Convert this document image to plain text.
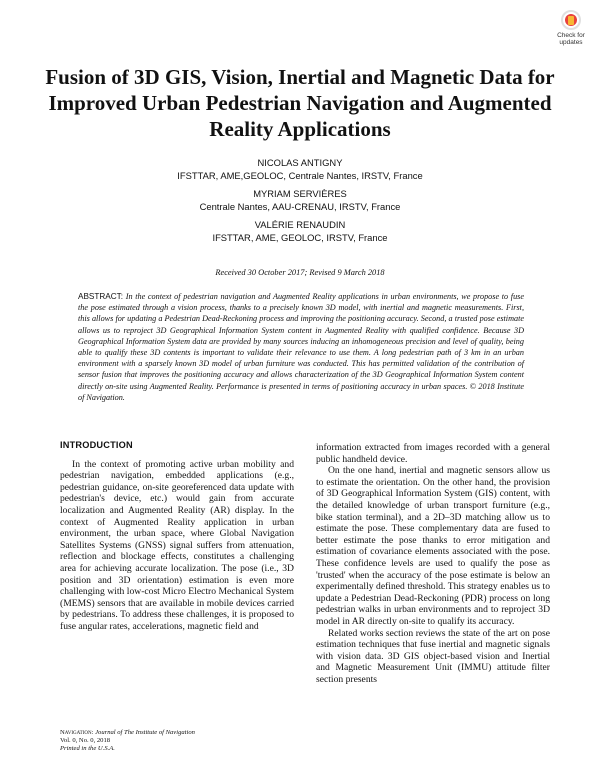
Check for updates
Fusion of 3D GIS, Vision, Inertial and Magnetic Data for Improved Urban Pedestrian Navigation and Augmented Reality Applications
NICOLAS ANTIGNY
IFSTTAR, AME,GEOLOC, Centrale Nantes, IRSTV, France
MYRIAM SERVIÈRES
Centrale Nantes, AAU-CRENAU, IRSTV, France
VALÉRIE RENAUDIN
IFSTTAR, AME, GEOLOC, IRSTV, France
Received 30 October 2017; Revised 9 March 2018
ABSTRACT: In the context of pedestrian navigation and Augmented Reality applications in urban environments, we propose to fuse the pose estimated through a vision process, thanks to a precisely known 3D model, with inertial and magnetic measurements. First, this allows for updating a Pedestrian Dead-Reckoning process and improving the positioning accuracy. Second, a trusted pose estimate allows us to reproject 3D Geographical Information System content in Augmented Reality with qualified confidence. Because 3D Geographical Information System data are provided by many sources inducing an inhomogeneous precision and level of quality, being able to qualify these 3D contents is important to validate their relevance to use them. A long pedestrian path of 3 km in an urban environment with a sparsely known 3D model of urban furniture was conducted. This has permitted validation of the contribution of sensor fusion that improves the positioning accuracy and allows characterization of the 3D Geographical Information System content directly on-site using Augmented Reality. Performance is presented in terms of positioning accuracy in urban spaces. © 2018 Institute of Navigation.
INTRODUCTION

In the context of promoting active urban mobility and pedestrian navigation, embedded applications (e.g., pedestrian guidance, on-site georeferenced data update with pedestrian's device, etc.) would gain from accurate localization and Augmented Reality (AR) display. In the context of Augmented Reality application in urban environment, the urban space, where Global Navigation Satellites Systems (GNSS) signal suffers from attenuation, reflection and blockage effects, constitutes a challenging area for achieving accurate localization. The pose (i.e., 3D position and 3D orientation) estimation is even more challenging with low-cost Micro Electro Mechanical System (MEMS) sensors that are available in mobile devices carried by pedestrians. To address these challenges, it is proposed to fuse angular rates, accelerations, magnetic field and

information extracted from images recorded with a general public handheld device.

On the one hand, inertial and magnetic sensors allow us to estimate the orientation. On the other hand, the provision of 3D Geographical Information System (GIS) content, with the detailed knowledge of urban transport furniture (e.g., bike station terminal), and a 2D–3D matching allow us to estimate the pose. These complementary data are fused to better estimate the pose thanks to error mitigation and estimation of covariance elements associated with the pose. These confidence levels are used to qualify the pose as 'trusted' when the accuracy of the pose estimate is below an experimentally defined threshold. This strategy enables us to update a Pedestrian Dead-Reckoning (PDR) process on long pedestrian walks in urban environments and to reproject 3D model in AR directly on-site to qualify its accuracy.

Related works section reviews the state of the art on pose estimation techniques that fuse inertial and magnetic signals with vision data. 3D GIS object-based vision and Inertial and Magnetic Measurement Unit (IMMU) attitude filter section presents

Navigation: Journal of The Institute of Navigation
Vol. 0, No. 0, 2018
Printed in the U.S.A.
